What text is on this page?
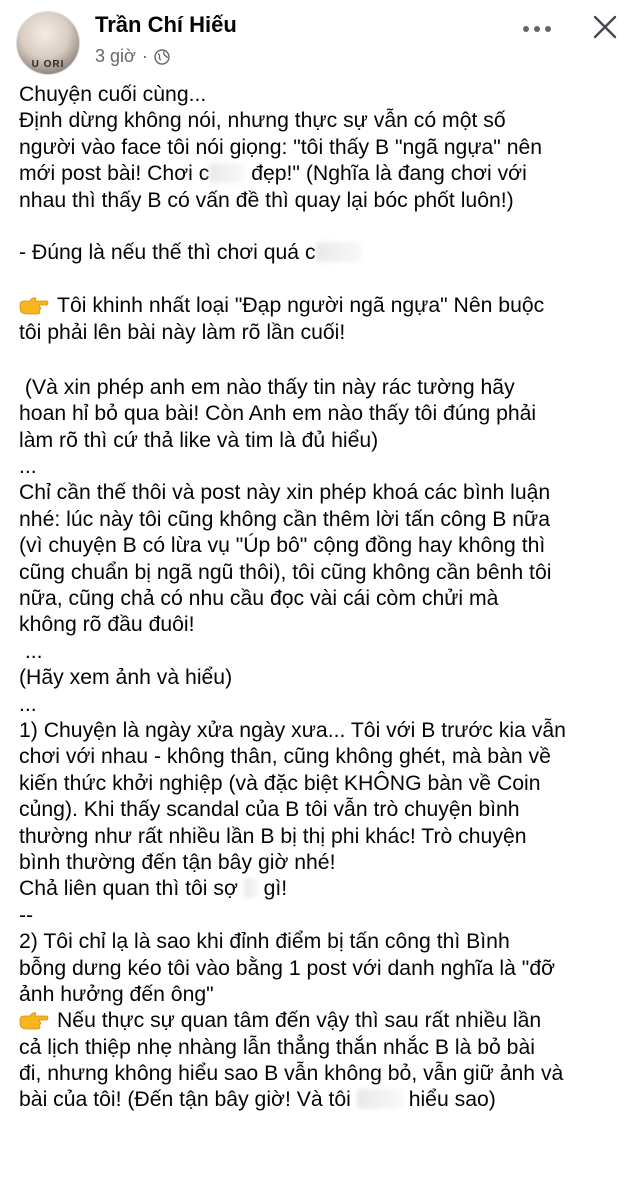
U ORI
Trần Chí Hiếu
3 giờ ·
Chuyện cuối cùng...
Định dừng không nói, nhưng thực sự vẫn có một số
người vào face tôi nói giọng: "tôi thấy B "ngã ngựa" nên
mới post bài! Chơi c đẹp!" (Nghĩa là đang chơi với
nhau thì thấy B có vấn đề thì quay lại bóc phốt luôn!)
- Đúng là nếu thế thì chơi quá c
Tôi khinh nhất loại "Đạp người ngã ngựa" Nên buộc
tôi phải lên bài này làm rõ lần cuối!
(Và xin phép anh em nào thấy tin này rác tường hãy
hoan hỉ bỏ qua bài! Còn Anh em nào thấy tôi đúng phải
làm rõ thì cứ thả like và tim là đủ hiểu)
...
Chỉ cần thế thôi và post này xin phép khoá các bình luận
nhé: lúc này tôi cũng không cần thêm lời tấn công B nữa
(vì chuyện B có lừa vụ "Úp bô" cộng đồng hay không thì
cũng chuẩn bị ngã ngũ thôi), tôi cũng không cần bênh tôi
nữa, cũng chả có nhu cầu đọc vài cái còm chửi mà
không rõ đầu đuôi!
...
(Hãy xem ảnh và hiểu)
...
1) Chuyện là ngày xửa ngày xưa... Tôi với B trước kia vẫn
chơi với nhau - không thân, cũng không ghét, mà bàn về
kiến thức khởi nghiệp (và đặc biệt KHÔNG bàn về Coin
củng). Khi thấy scandal của B tôi vẫn trò chuyện bình
thường như rất nhiều lần B bị thị phi khác! Trò chuyện
bình thường đến tận bây giờ nhé!
Chả liên quan thì tôi sợ gì!
--
2) Tôi chỉ lạ là sao khi đỉnh điểm bị tấn công thì Bình
bỗng dưng kéo tôi vào bằng 1 post với danh nghĩa là "đỡ
ảnh hưởng đến ông"
Nếu thực sự quan tâm đến vậy thì sau rất nhiều lần
cả lịch thiệp nhẹ nhàng lẫn thẳng thắn nhắc B là bỏ bài
đi, nhưng không hiểu sao B vẫn không bỏ, vẫn giữ ảnh và
bài của tôi! (Đến tận bây giờ! Và tôi	hiểu sao)
